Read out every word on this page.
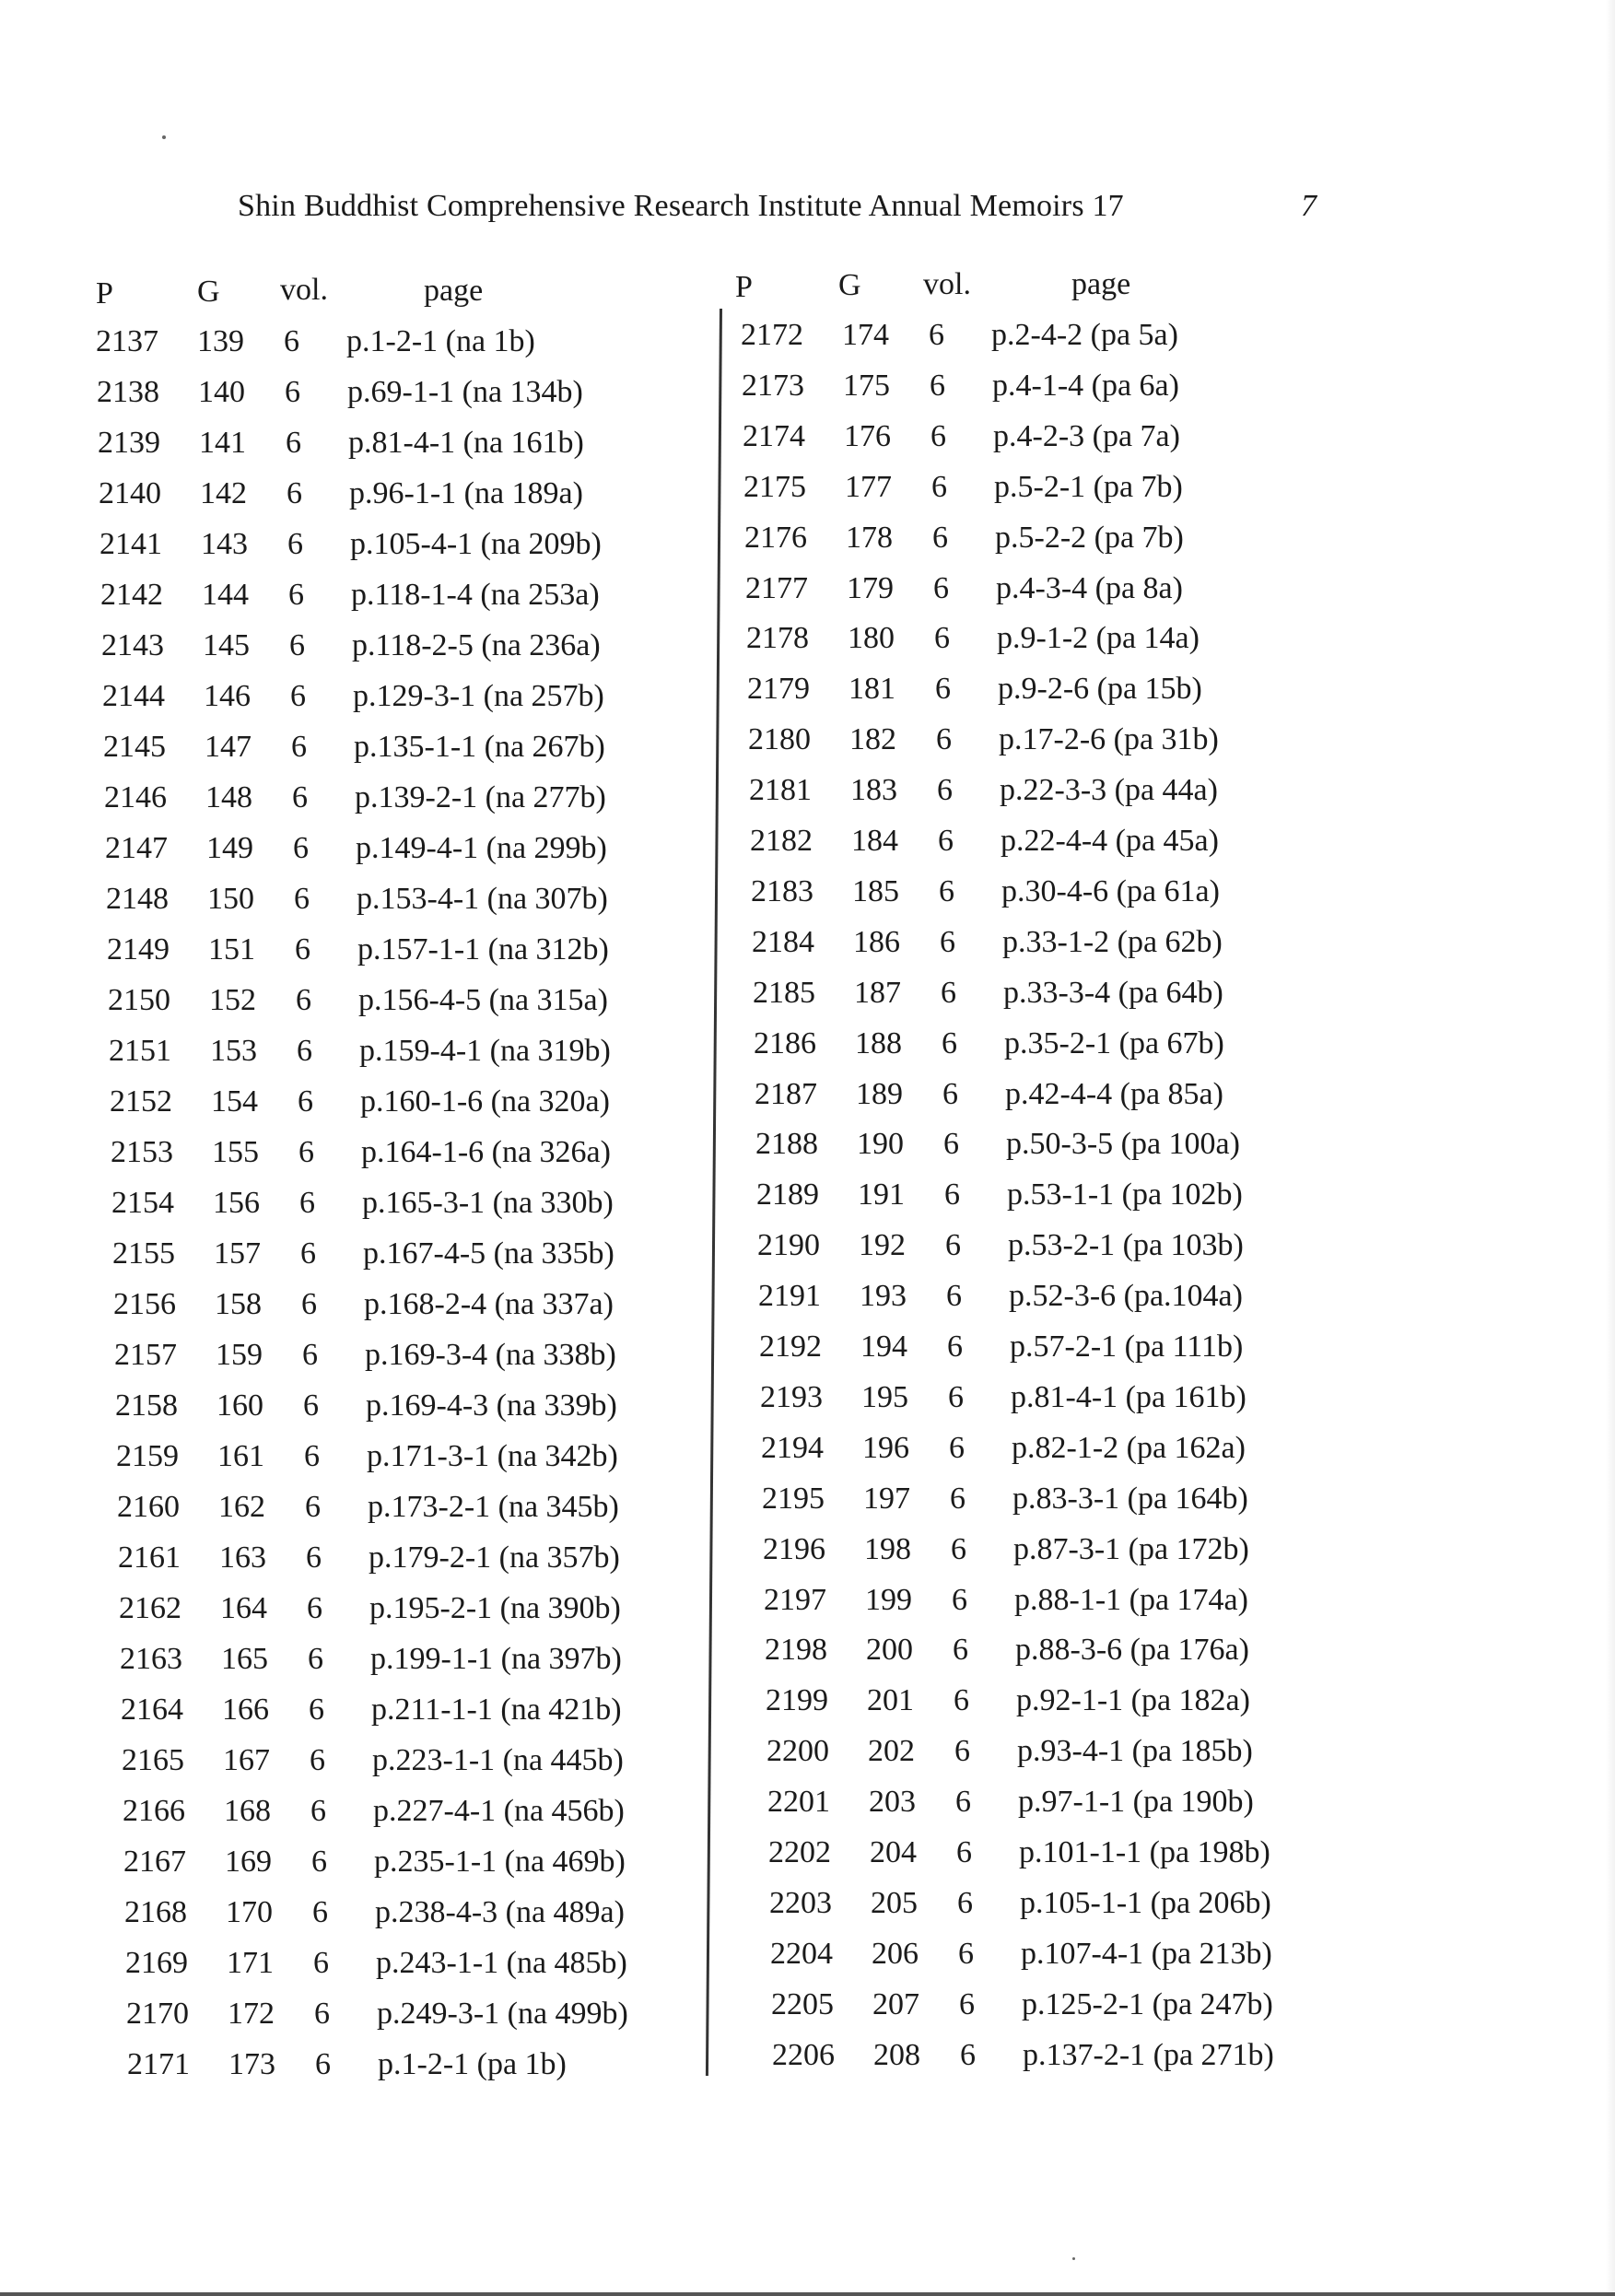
Shin Buddhist Comprehensive Research Institute Annual Memoirs 17	7
P	G vol.	page	P	G vol.	page
2137 139 6 p.1-2-1 (na 1b)
2138 140 6 p.69-1-1 (na 134b)
2139 141 6 p.81-4-1 (na 161b)
2140 142 6 p.96-1-1 (na 189a)
2141 143 6 p.105-4-1 (na 209b)
2142 144 6 p.118-1-4 (na 253a)
2143 145 6 p.118-2-5 (na 236a)
2144 146 6 p.129-3-1 (na 257b)
2145 147 6 p.135-1-1 (na 267b)
2146 148 6 p.139-2-1 (na 277b)
2147 149 6 p.149-4-1 (na 299b)
2148 150 6 p.153-4-1 (na 307b)
2149 151 6 p.157-1-1 (na 312b)
2150 152 6 p.156-4-5 (na 315a)
2151 153 6 p.159-4-1 (na 319b)
2152 154 6 p.160-1-6 (na 320a)
2153 155 6 p.164-1-6 (na 326a)
2154 156 6 p.165-3-1 (na 330b)
2155 157 6 p.167-4-5 (na 335b)
2156 158 6 p.168-2-4 (na 337a)
2157 159 6 p.169-3-4 (na 338b)
2158 160 6 p.169-4-3 (na 339b)
2159 161 6 p.171-3-1 (na 342b)
2160 162 6 p.173-2-1 (na 345b)
2161 163 6 p.179-2-1 (na 357b)
2162 164 6 p.195-2-1 (na 390b)
2163 165 6 p.199-1-1 (na 397b)
2164 166 6 p.211-1-1 (na 421b)
2165 167 6 p.223-1-1 (na 445b)
2166 168 6 p.227-4-1 (na 456b)
2167 169 6 p.235-1-1 (na 469b)
2168 170 6 p.238-4-3 (na 489a)
2169 171 6 p.243-1-1 (na 485b)
2170 172 6 p.249-3-1 (na 499b)
2171 173 6 p.1-2-1 (pa 1b)
2172 174 6 p.2-4-2 (pa 5a)
2173 175 6 p.4-1-4 (pa 6a)
2174 176 6 p.4-2-3 (pa 7a)
2175 177 6 p.5-2-1 (pa 7b)
2176 178 6 p.5-2-2 (pa 7b)
2177 179 6 p.4-3-4 (pa 8a)
2178 180 6 p.9-1-2 (pa 14a)
2179 181 6 p.9-2-6 (pa 15b)
2180 182 6 p.17-2-6 (pa 31b)
2181 183 6 p.22-3-3 (pa 44a)
2182 184 6 p.22-4-4 (pa 45a)
2183 185 6 p.30-4-6 (pa 61a)
2184 186 6 p.33-1-2 (pa 62b)
2185 187 6 p.33-3-4 (pa 64b)
2186 188 6 p.35-2-1 (pa 67b)
2187 189 6 p.42-4-4 (pa 85a)
2188 190 6 p.50-3-5 (pa 100a)
2189 191 6 p.53-1-1 (pa 102b)
2190 192 6 p.53-2-1 (pa 103b)
2191 193 6 p.52-3-6 (pa.104a)
2192 194 6 p.57-2-1 (pa 111b)
2193 195 6 p.81-4-1 (pa 161b)
2194 196 6 p.82-1-2 (pa 162a)
2195 197 6 p.83-3-1 (pa 164b)
2196 198 6 p.87-3-1 (pa 172b)
2197 199 6 p.88-1-1 (pa 174a)
2198 200 6 p.88-3-6 (pa 176a)
2199 201 6 p.92-1-1 (pa 182a)
2200 202 6 p.93-4-1 (pa 185b)
2201 203 6 p.97-1-1 (pa 190b)
2202 204 6 p.101-1-1 (pa 198b)
2203 205 6 p.105-1-1 (pa 206b)
2204 206 6 p.107-4-1 (pa 213b)
2205 207 6 p.125-2-1 (pa 247b)
2206 208 6 p.137-2-1 (pa 271b)
